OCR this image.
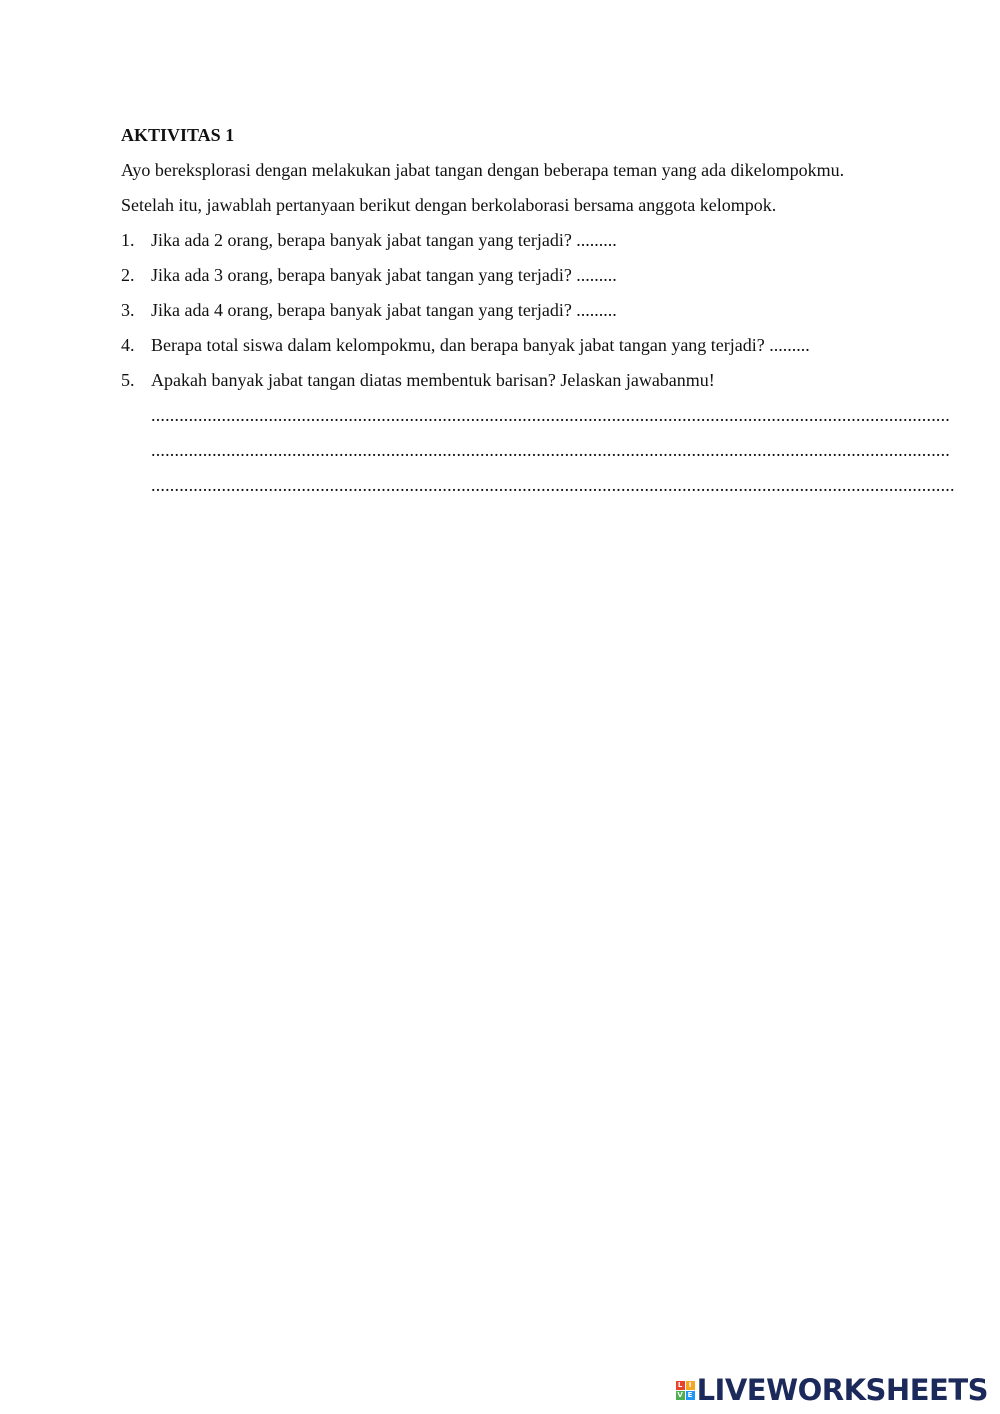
AKTIVITAS 1

Ayo bereksplorasi dengan melakukan jabat tangan dengan beberapa teman yang ada dikelompokmu.

Setelah itu, jawablah pertanyaan berikut dengan berkolaborasi bersama anggota kelompok.

1. Jika ada 2 orang, berapa banyak jabat tangan yang terjadi? .........
2. Jika ada 3 orang, berapa banyak jabat tangan yang terjadi? .........
3. Jika ada 4 orang, berapa banyak jabat tangan yang terjadi? .........
4. Berapa total siswa dalam kelompokmu, dan berapa banyak jabat tangan yang terjadi? .........
5. Apakah banyak jabat tangan diatas membentuk barisan? Jelaskan jawabanmu!
..........................................................................................................................................................................
..........................................................................................................................................................................
...........................................................................................................................................................................
L I
V E LIVEWORKSHEETS
